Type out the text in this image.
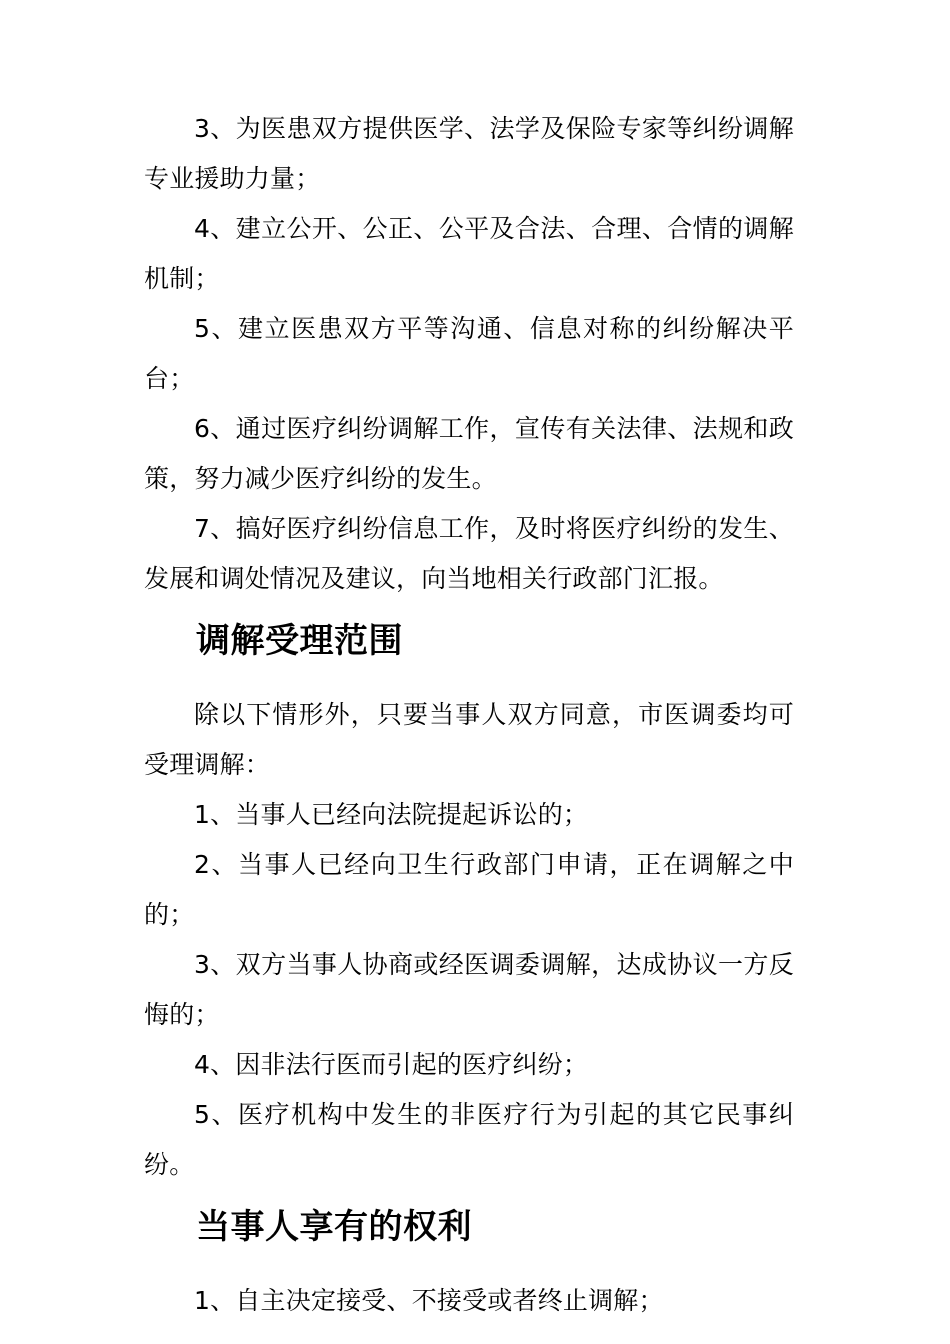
3、为医患双方提供医学、法学及保险专家等纠纷调解专业援助力量；

4、建立公开、公正、公平及合法、合理、合情的调解机制；

5、建立医患双方平等沟通、信息对称的纠纷解决平台；

6、通过医疗纠纷调解工作，宣传有关法律、法规和政策，努力减少医疗纠纷的发生。

7、搞好医疗纠纷信息工作，及时将医疗纠纷的发生、发展和调处情况及建议，向当地相关行政部门汇报。

调解受理范围

除以下情形外，只要当事人双方同意，市医调委均可受理调解：

1、当事人已经向法院提起诉讼的；

2、当事人已经向卫生行政部门申请，正在调解之中的；

3、双方当事人协商或经医调委调解，达成协议一方反悔的；

4、因非法行医而引起的医疗纠纷；

5、医疗机构中发生的非医疗行为引起的其它民事纠纷。

当事人享有的权利

1、自主决定接受、不接受或者终止调解；
